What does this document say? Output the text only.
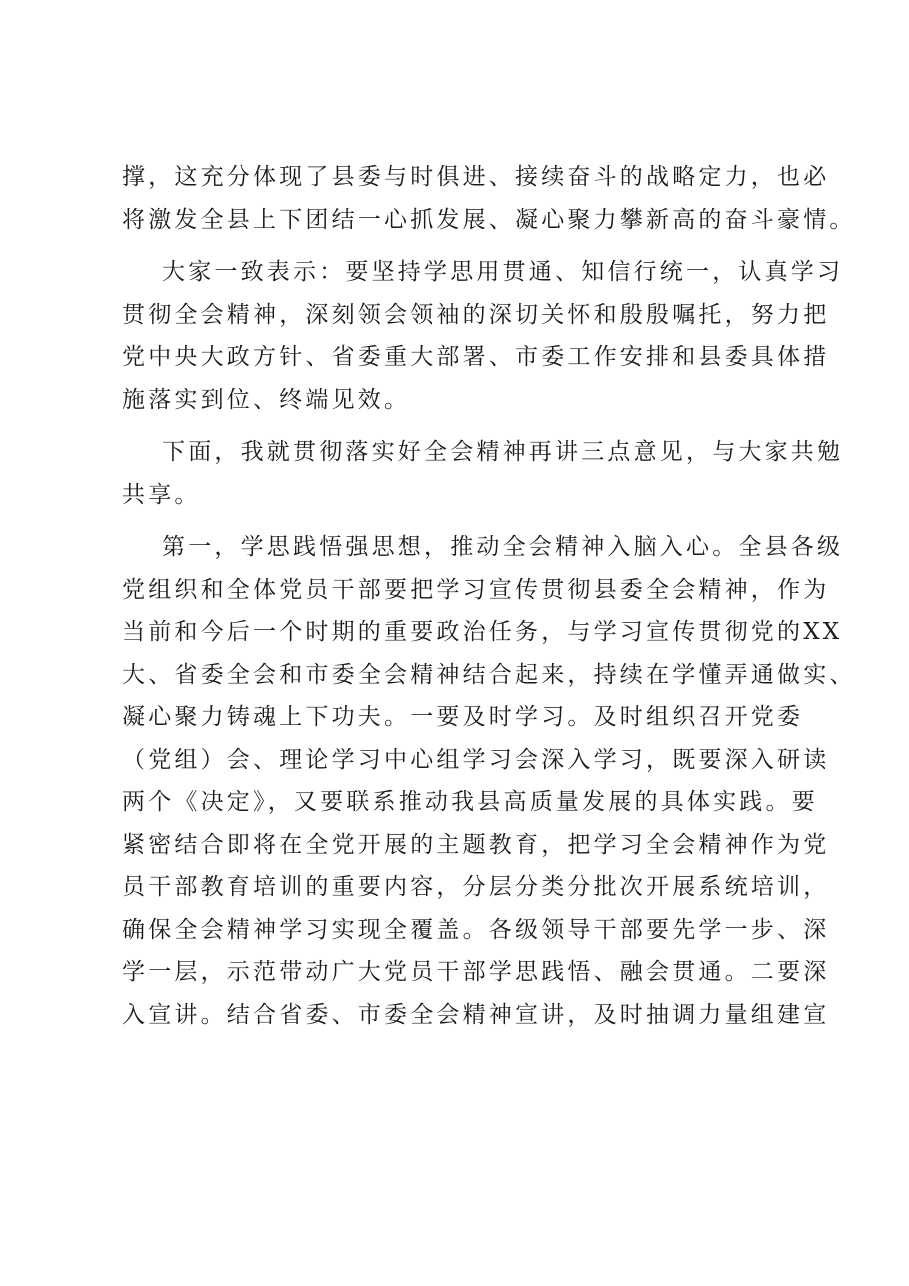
撑，这充分体现了县委与时俱进、接续奋斗的战略定力，也必
将激发全县上下团结一心抓发展、凝心聚力攀新高的奋斗豪情。
大家一致表示：要坚持学思用贯通、知信行统一，认真学习
贯彻全会精神，深刻领会领袖的深切关怀和殷殷嘱托，努力把
党中央大政方针、省委重大部署、市委工作安排和县委具体措
施落实到位、终端见效。
下面，我就贯彻落实好全会精神再讲三点意见，与大家共勉
共享。
第一，学思践悟强思想，推动全会精神入脑入心。全县各级
党组织和全体党员干部要把学习宣传贯彻县委全会精神，作为
当前和今后一个时期的重要政治任务，与学习宣传贯彻党的XX
大、省委全会和市委全会精神结合起来，持续在学懂弄通做实、
凝心聚力铸魂上下功夫。一要及时学习。及时组织召开党委
（党组）会、理论学习中心组学习会深入学习，既要深入研读
两个《决定》，又要联系推动我县高质量发展的具体实践。要
紧密结合即将在全党开展的主题教育，把学习全会精神作为党
员干部教育培训的重要内容，分层分类分批次开展系统培训，
确保全会精神学习实现全覆盖。各级领导干部要先学一步、深
学一层，示范带动广大党员干部学思践悟、融会贯通。二要深
入宣讲。结合省委、市委全会精神宣讲，及时抽调力量组建宣
